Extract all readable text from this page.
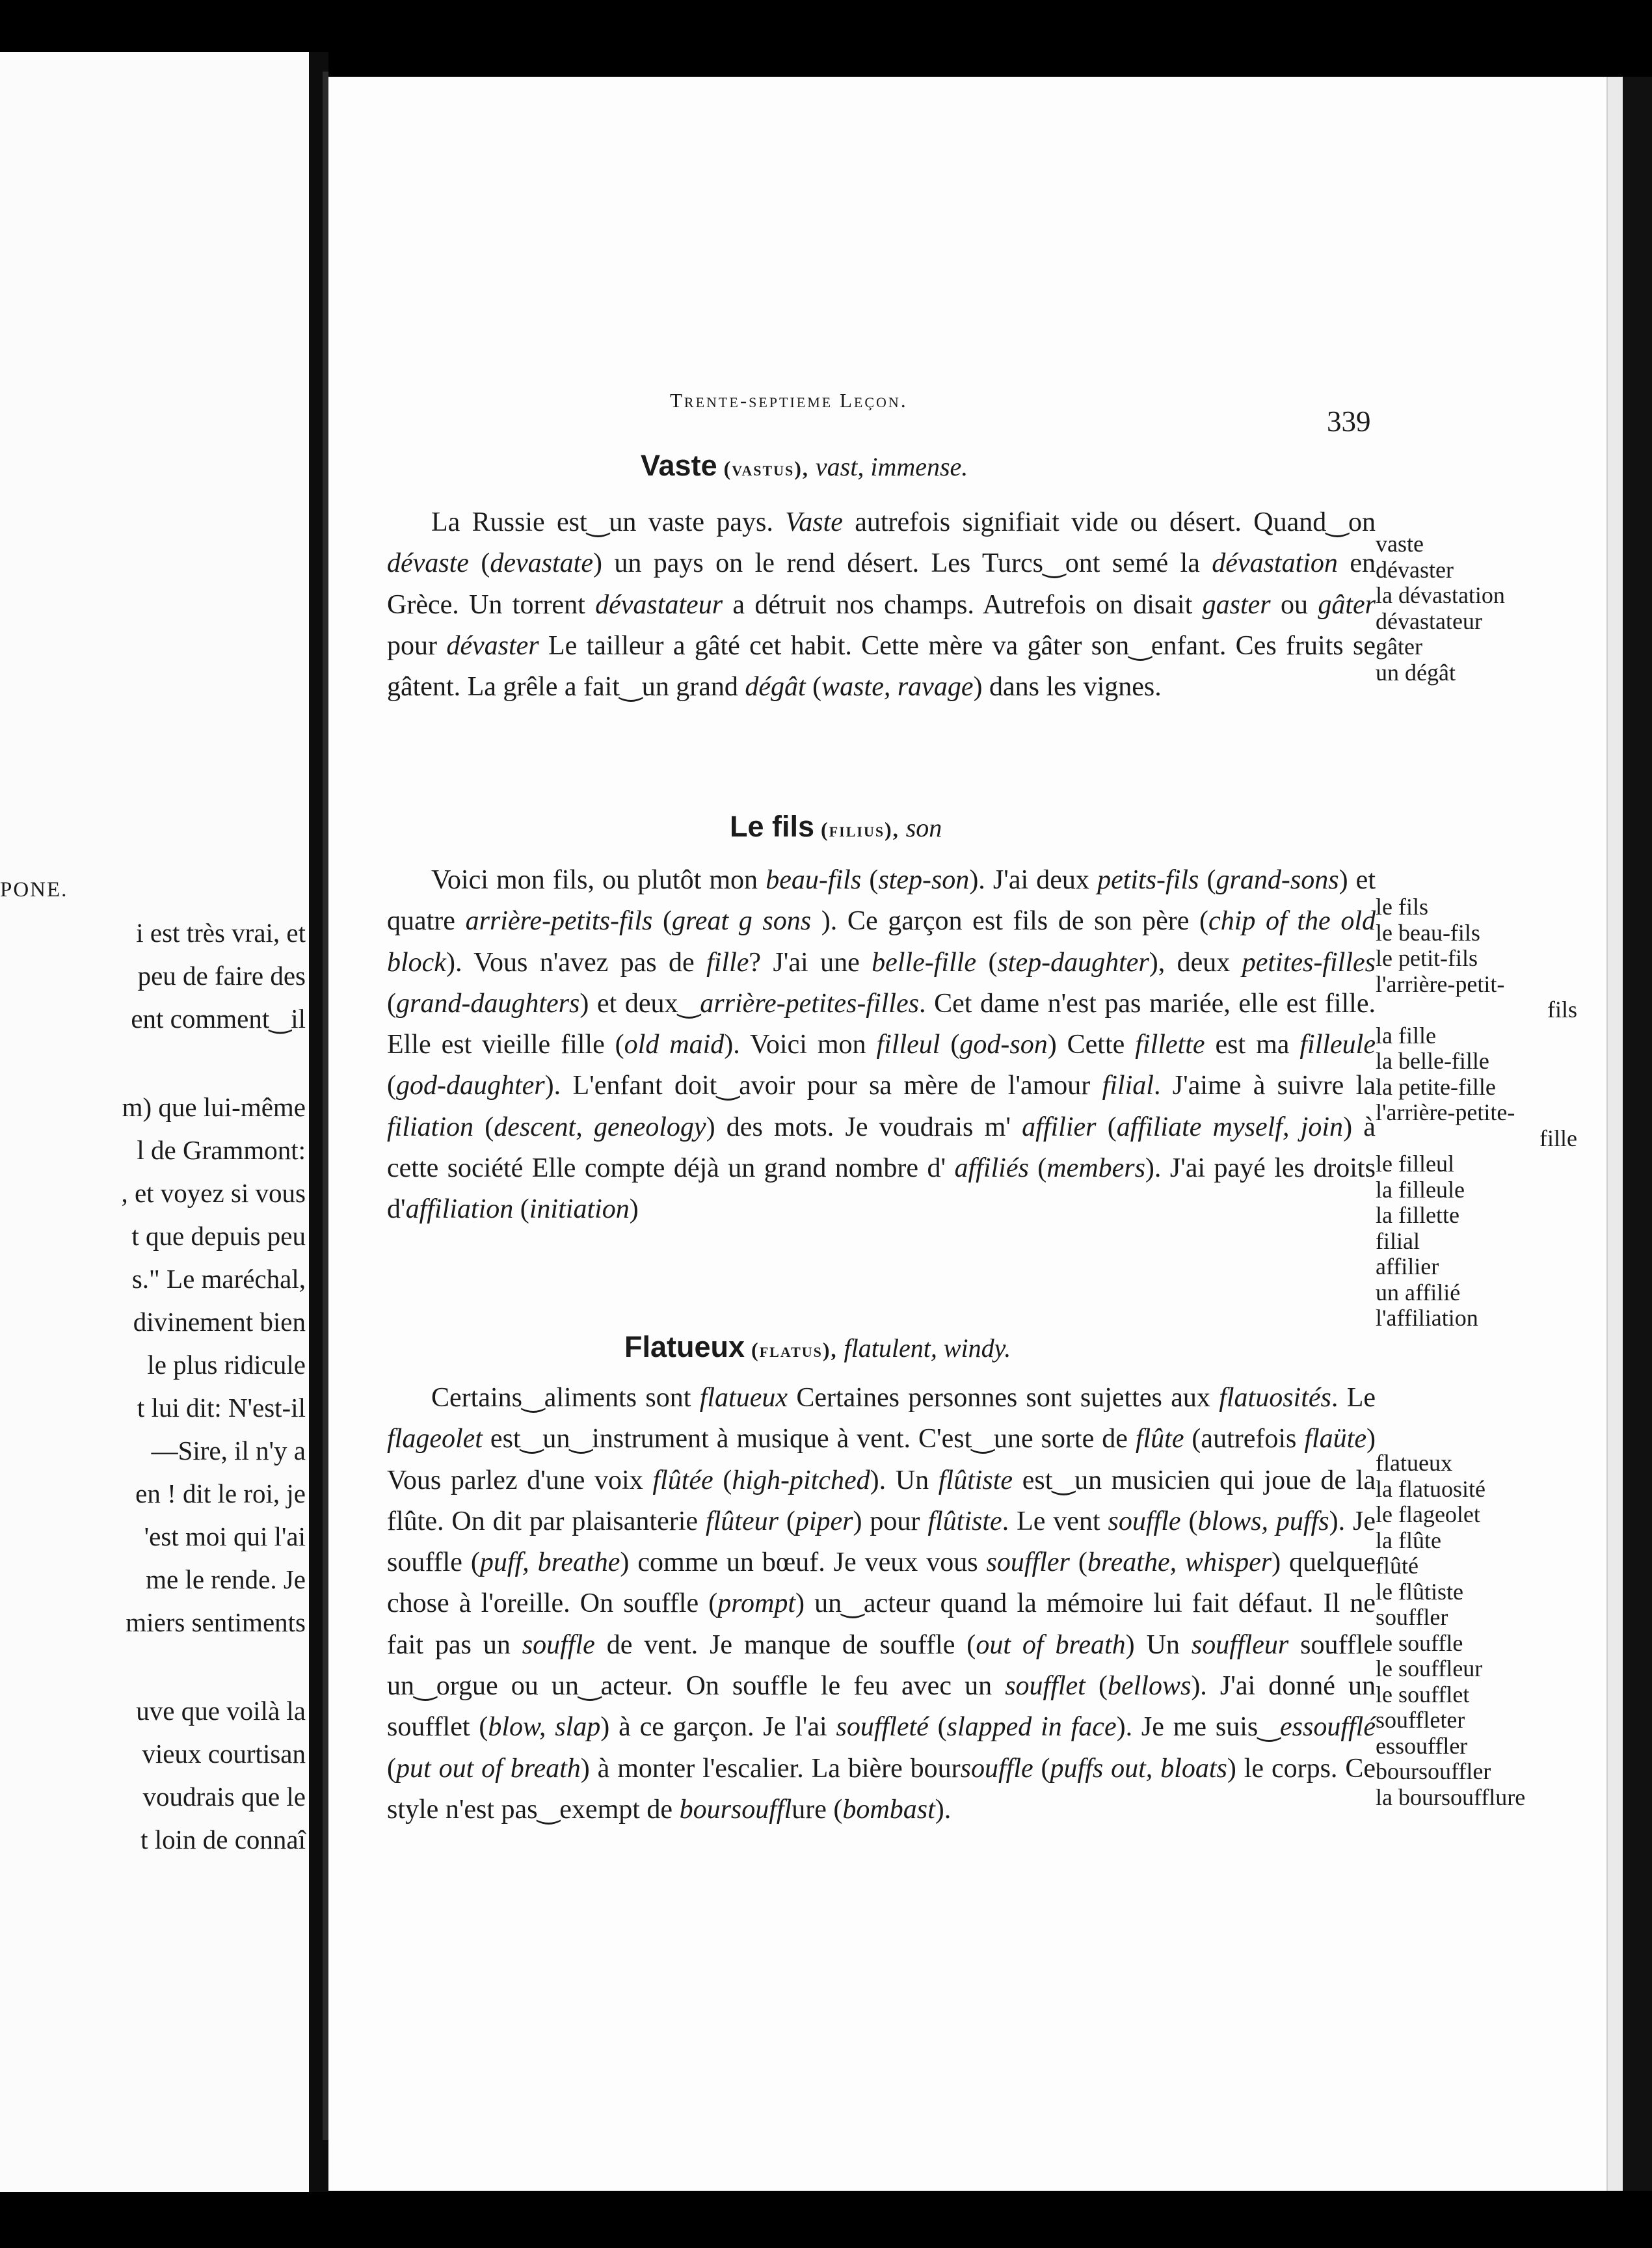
PONE.
i est très vrai, et
peu de faire des
ent comment‿il
m) que lui-même
l de Grammont:
, et voyez si vous
t que depuis peu
s." Le maréchal,
divinement bien
le plus ridicule
t lui dit: N'est-il
—Sire, il n'y a
en ! dit le roi, je
'est moi qui l'ai
me le rende. Je
miers sentiments
uve que voilà la
vieux courtisan
voudrais que le
t loin de connaî
Trente-septieme Leçon.
339
Vaste (vastus), vast, immense.
La Russie est‿un vaste pays. Vaste autrefois signifiait vide ou désert. Quand‿on dévaste (devastate) un pays on le rend désert. Les Turcs‿ont semé la dévastation en Grèce. Un torrent dévastateur a détruit nos champs. Autrefois on disait gaster ou gâter pour dévaster Le tailleur a gâté cet habit. Cette mère va gâter son‿enfant. Ces fruits se gâtent. La grêle a fait‿un grand dégât (waste, ravage) dans les vignes.
vaste
dévaster
la dévastation
dévastateur
gâter
un dégât
Le fils (filius), son
Voici mon fils, ou plutôt mon beau-fils (step-son). J'ai deux petits-fils (grand-sons) et quatre arrière-petits-fils (great g sons ). Ce garçon est fils de son père (chip of the old block). Vous n'avez pas de fille? J'ai une belle-fille (step-daughter), deux petites-filles (grand-daughters) et deux‿arrière-petites-filles. Cet dame n'est pas mariée, elle est fille. Elle est vieille fille (old maid). Voici mon filleul (god-son) Cette fillette est ma filleule (god-daughter). L'enfant doit‿avoir pour sa mère de l'amour filial. J'aime à suivre la filiation (descent, geneology) des mots. Je voudrais m' affilier (affiliate myself, join) à cette société Elle compte déjà un grand nombre d' affiliés (members). J'ai payé les droits d'affiliation (initiation)
le fils
le beau-fils
le petit-fils
l'arrière-petit-
fils
la fille
la belle-fille
la petite-fille
l'arrière-petite-
fille
le filleul
la filleule
la fillette
filial
affilier
un affilié
l'affiliation
Flatueux (flatus), flatulent, windy.
Certains‿aliments sont flatueux Certaines personnes sont sujettes aux flatuosités. Le flageolet est‿un‿instrument à musique à vent. C'est‿une sorte de flûte (autrefois flaüte) Vous parlez d'une voix flûtée (high-pitched). Un flûtiste est‿un musicien qui joue de la flûte. On dit par plaisanterie flûteur (piper) pour flûtiste. Le vent souffle (blows, puffs). Je souffle (puff, breathe) comme un bœuf. Je veux vous souffler (breathe, whisper) quelque chose à l'oreille. On souffle (prompt) un‿acteur quand la mémoire lui fait défaut. Il ne fait pas un souffle de vent. Je manque de souffle (out of breath) Un souffleur souffle un‿orgue ou un‿acteur. On souffle le feu avec un soufflet (bellows). J'ai donné un soufflet (blow, slap) à ce garçon. Je l'ai souffleté (slapped in face). Je me suis‿essoufflé (put out of breath) à monter l'escalier. La bière boursouffle (puffs out, bloats) le corps. Ce style n'est pas‿exempt de boursoufflure (bombast).
flatueux
la flatuosité
le flageolet
la flûte
flûté
le flûtiste
souffler
le souffle
le souffleur
le soufflet
souffleter
essouffler
boursouffler
la boursoufflure
